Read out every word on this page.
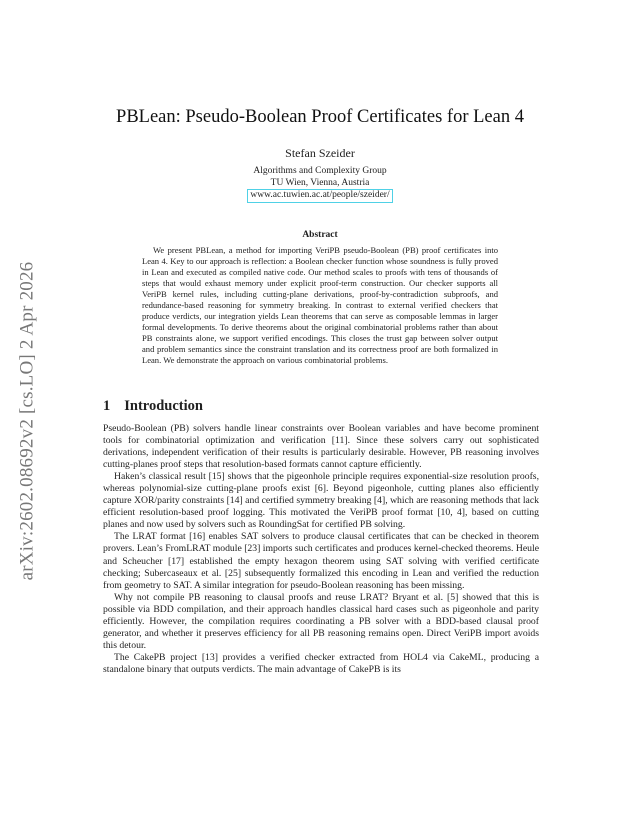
arXiv:2602.08692v2 [cs.LO] 2 Apr 2026
PBLean: Pseudo-Boolean Proof Certificates for Lean 4
Stefan Szeider
Algorithms and Complexity Group
TU Wien, Vienna, Austria
www.ac.tuwien.ac.at/people/szeider/
Abstract
We present PBLean, a method for importing VeriPB pseudo-Boolean (PB) proof certificates into Lean 4. Key to our approach is reflection: a Boolean checker function whose soundness is fully proved in Lean and executed as compiled native code. Our method scales to proofs with tens of thousands of steps that would exhaust memory under explicit proof-term construction. Our checker supports all VeriPB kernel rules, including cutting-plane derivations, proof-by-contradiction subproofs, and redundance-based reasoning for symmetry breaking. In contrast to external verified checkers that produce verdicts, our integration yields Lean theorems that can serve as composable lemmas in larger formal developments. To derive theorems about the original combinatorial problems rather than about PB constraints alone, we support verified encodings. This closes the trust gap between solver output and problem semantics since the constraint translation and its correctness proof are both formalized in Lean. We demonstrate the approach on various combinatorial problems.
1 Introduction

Pseudo-Boolean (PB) solvers handle linear constraints over Boolean variables and have become prominent tools for combinatorial optimization and verification [11]. Since these solvers carry out sophisticated derivations, independent verification of their results is particularly desirable. However, PB reasoning involves cutting-planes proof steps that resolution-based formats cannot capture efficiently.

Haken’s classical result [15] shows that the pigeonhole principle requires exponential-size resolution proofs, whereas polynomial-size cutting-plane proofs exist [6]. Beyond pigeonhole, cutting planes also efficiently capture XOR/parity constraints [14] and certified symmetry breaking [4], which are reasoning methods that lack efficient resolution-based proof logging. This motivated the VeriPB proof format [10, 4], based on cutting planes and now used by solvers such as RoundingSat for certified PB solving.

The LRAT format [16] enables SAT solvers to produce clausal certificates that can be checked in theorem provers. Lean’s FromLRAT module [23] imports such certificates and produces kernel-checked theorems. Heule and Scheucher [17] established the empty hexagon theorem using SAT solving with verified certificate checking; Subercaseaux et al. [25] subsequently formalized this encoding in Lean and verified the reduction from geometry to SAT. A similar integration for pseudo-Boolean reasoning has been missing.

Why not compile PB reasoning to clausal proofs and reuse LRAT? Bryant et al. [5] showed that this is possible via BDD compilation, and their approach handles classical hard cases such as pigeonhole and parity efficiently. However, the compilation requires coordinating a PB solver with a BDD-based clausal proof generator, and whether it preserves efficiency for all PB reasoning remains open. Direct VeriPB import avoids this detour.

The CakePB project [13] provides a verified checker extracted from HOL4 via CakeML, producing a standalone binary that outputs verdicts. The main advantage of CakePB is its
